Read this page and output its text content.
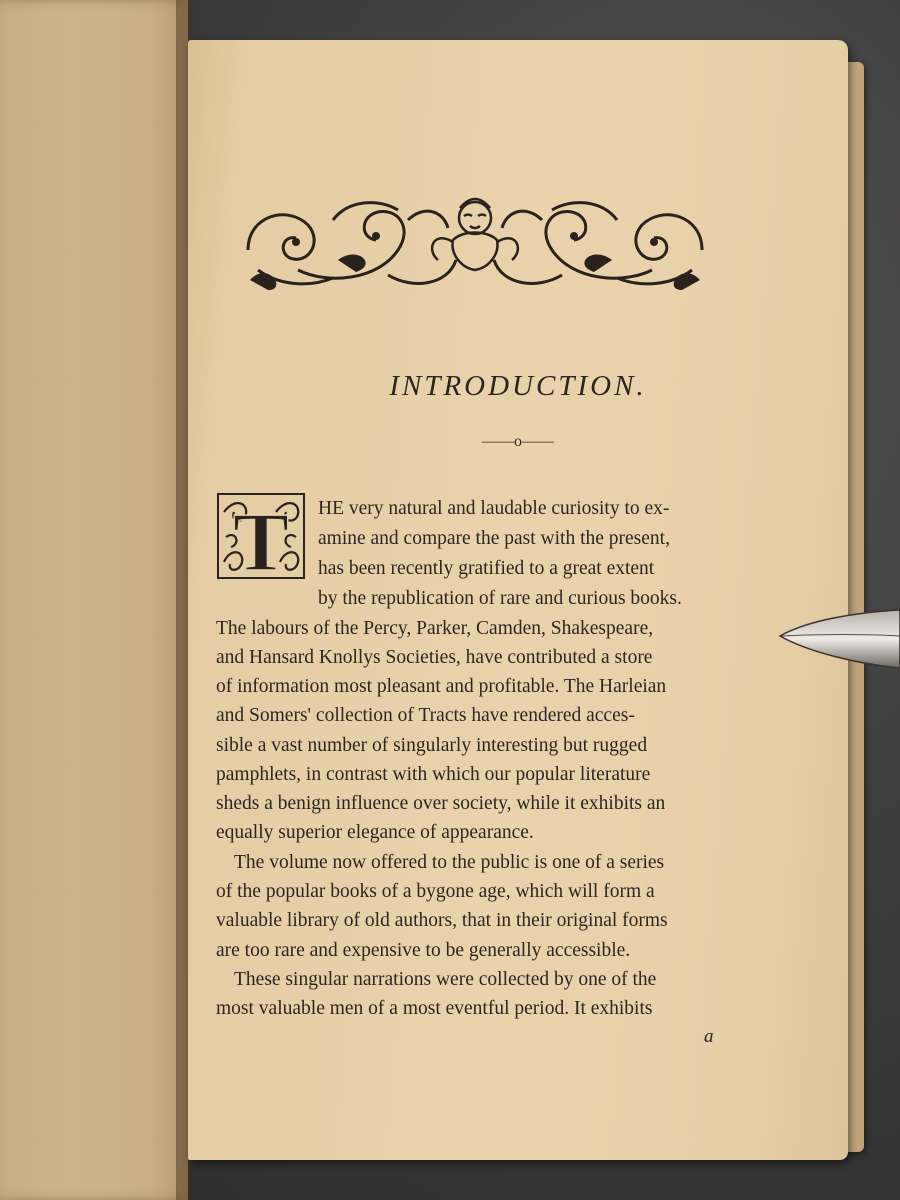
INTRODUCTION.
——o——
T HE very natural and laudable curiosity to ex-
amine and compare the past with the present,
has been recently gratified to a great extent
by the republication of rare and curious books.
The labours of the Percy, Parker, Camden, Shakespeare,
and Hansard Knollys Societies, have contributed a store
of information most pleasant and profitable. The Harleian
and Somers' collection of Tracts have rendered acces-
sible a vast number of singularly interesting but rugged
pamphlets, in contrast with which our popular literature
sheds a benign influence over society, while it exhibits an
equally superior elegance of appearance.
The volume now offered to the public is one of a series
of the popular books of a bygone age, which will form a
valuable library of old authors, that in their original forms
are too rare and expensive to be generally accessible.
These singular narrations were collected by one of the
most valuable men of a most eventful period. It exhibits
a
